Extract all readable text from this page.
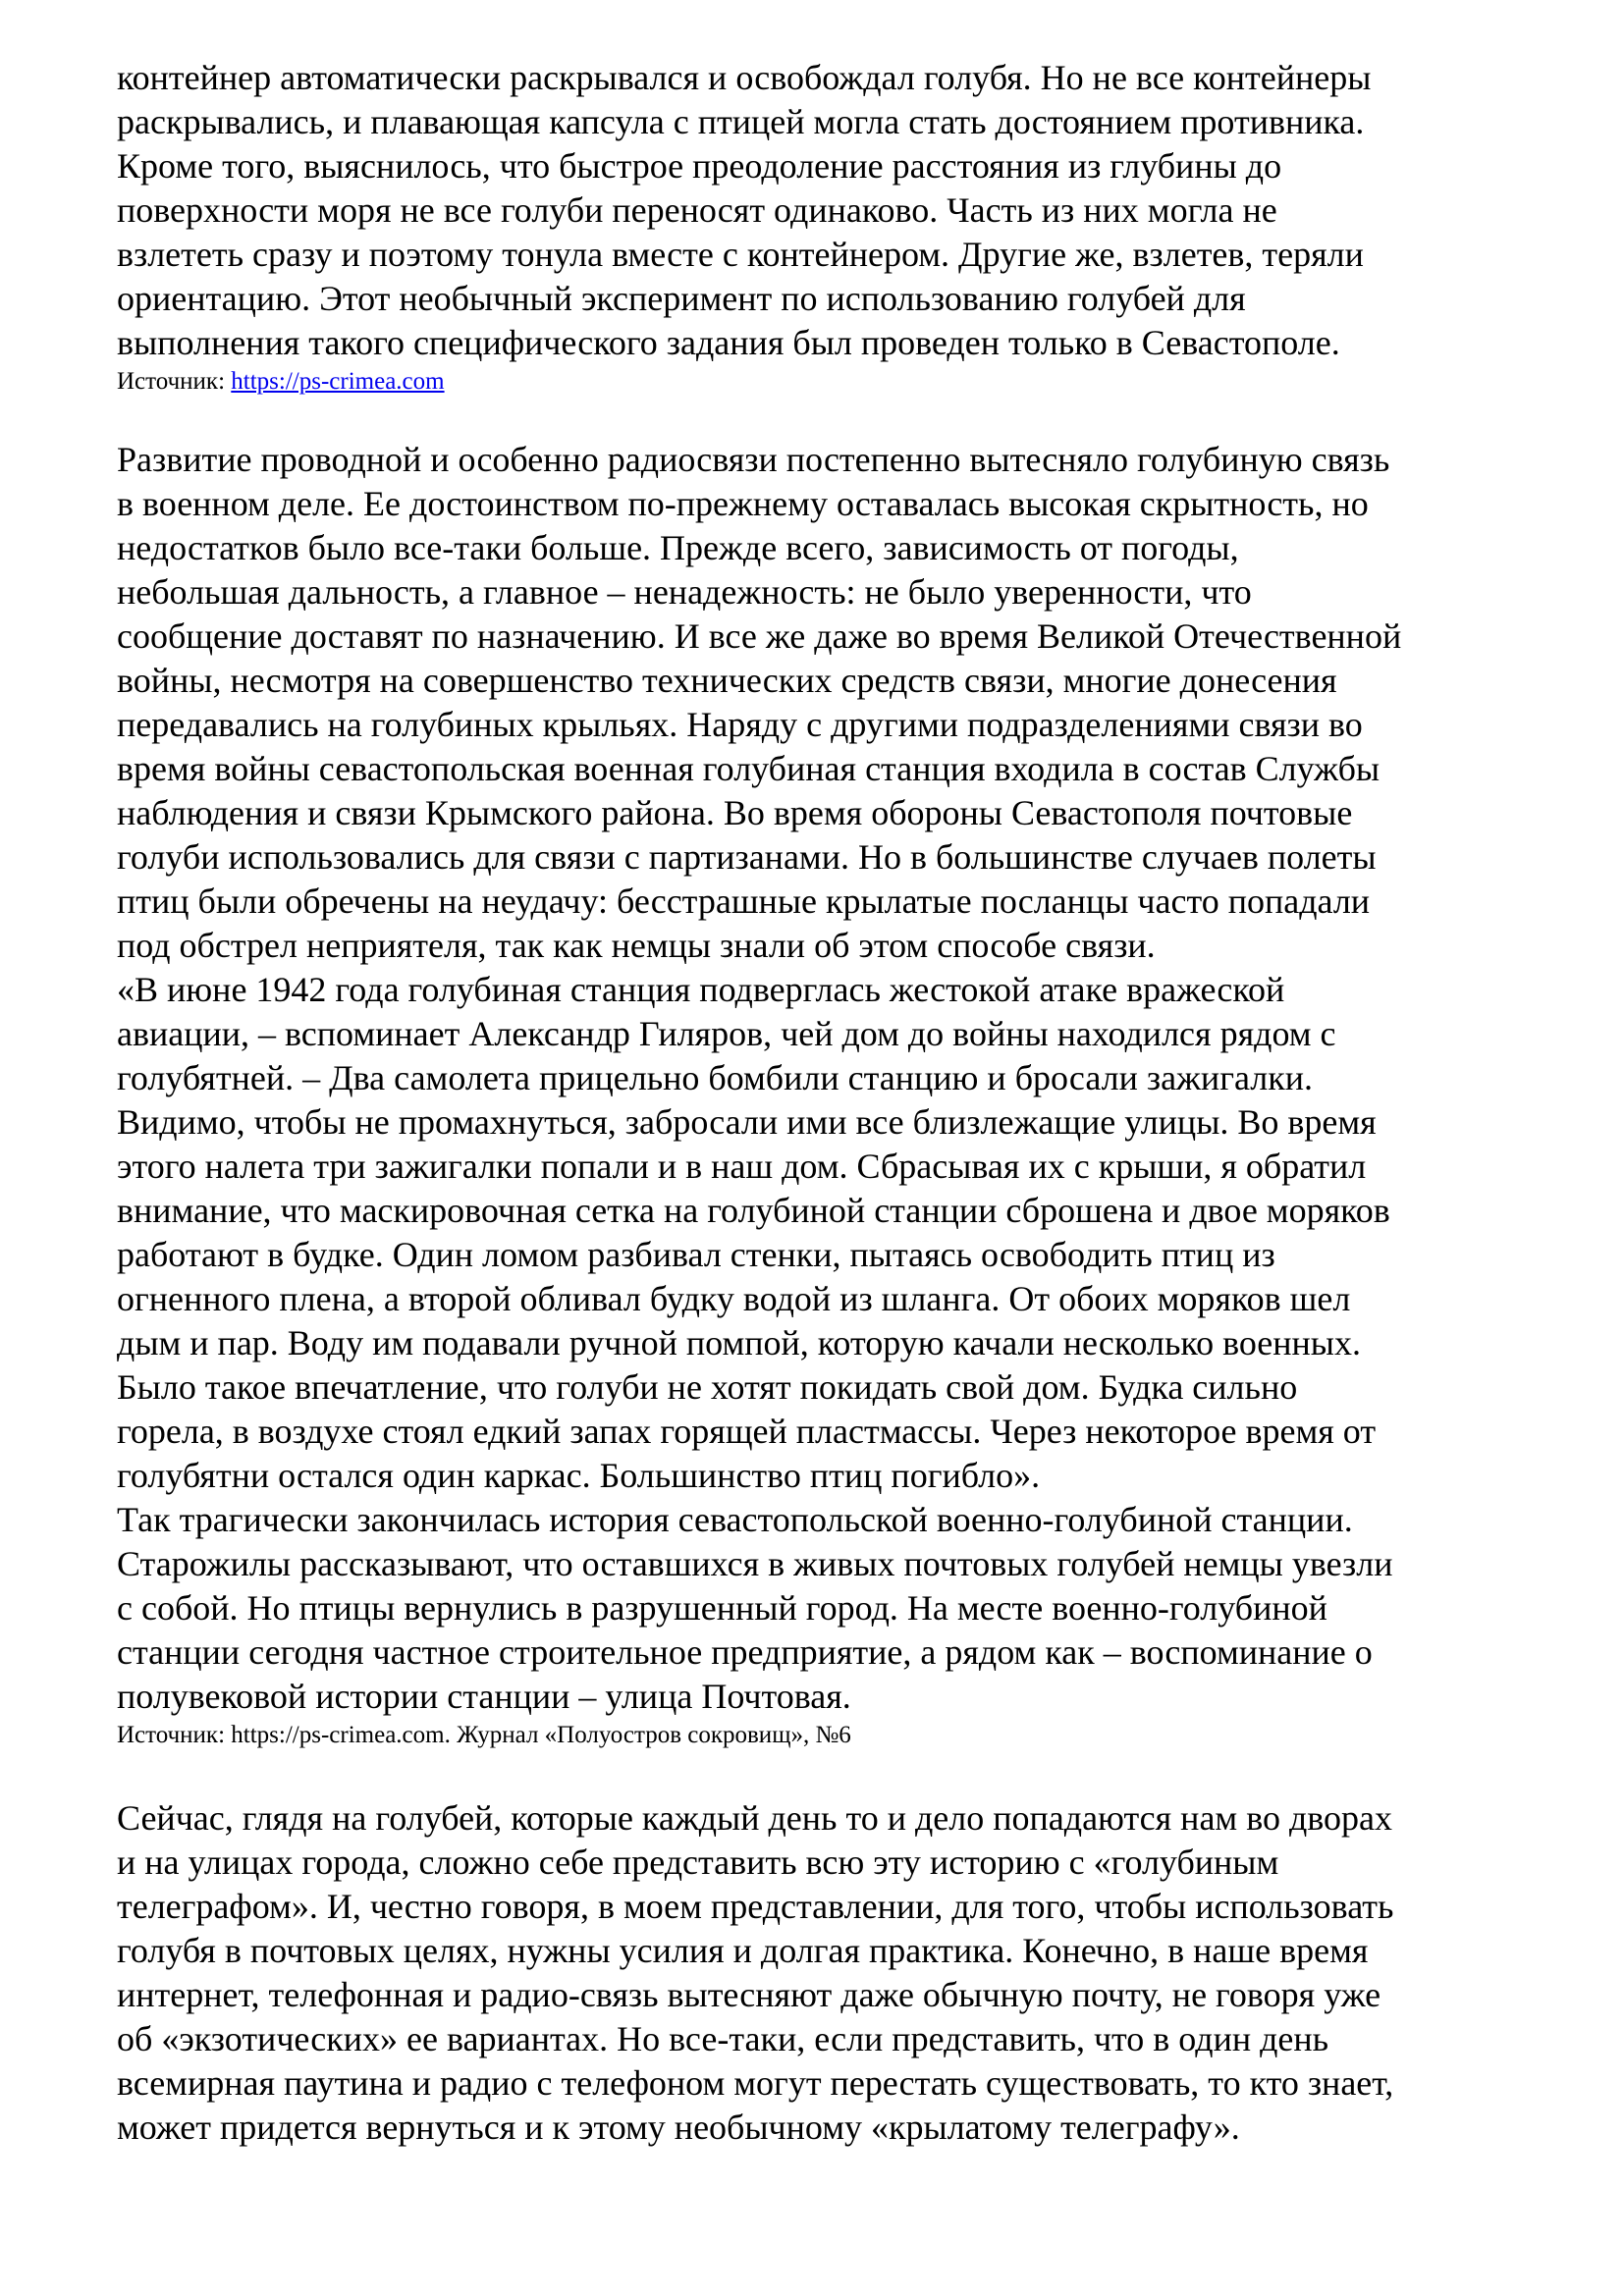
контейнер автоматически раскрывался и освобождал голубя. Но не все контейнеры
раскрывались, и плавающая капсула с птицей могла стать достоянием противника.
Кроме того, выяснилось, что быстрое преодоление расстояния из глубины до
поверхности моря не все голуби переносят одинаково. Часть из них могла не
взлететь сразу и поэтому тонула вместе с контейнером. Другие же, взлетев, теряли
ориентацию. Этот необычный эксперимент по использованию голубей для
выполнения такого специфического задания был проведен только в Севастополе.
Источник: https://ps-crimea.com
Развитие проводной и особенно радиосвязи постепенно вытесняло голубиную связь
в военном деле. Ее достоинством по-прежнему оставалась высокая скрытность, но
недостатков было все-таки больше. Прежде всего, зависимость от погоды,
небольшая дальность, а главное – ненадежность: не было уверенности, что
сообщение доставят по назначению. И все же даже во время Великой Отечественной
войны, несмотря на совершенство технических средств связи, многие донесения
передавались на голубиных крыльях. Наряду с другими подразделениями связи во
время войны севастопольская военная голубиная станция входила в состав Службы
наблюдения и связи Крымского района. Во время обороны Севастополя почтовые
голуби использовались для связи с партизанами. Но в большинстве случаев полеты
птиц были обречены на неудачу: бесстрашные крылатые посланцы часто попадали
под обстрел неприятеля, так как немцы знали об этом способе связи.
«В июне 1942 года голубиная станция подверглась жестокой атаке вражеской
авиации, – вспоминает Александр Гиляров, чей дом до войны находился рядом с
голубятней. – Два самолета прицельно бомбили станцию и бросали зажигалки.
Видимо, чтобы не промахнуться, забросали ими все близлежащие улицы. Во время
этого налета три зажигалки попали и в наш дом. Сбрасывая их с крыши, я обратил
внимание, что маскировочная сетка на голубиной станции сброшена и двое моряков
работают в будке. Один ломом разбивал стенки, пытаясь освободить птиц из
огненного плена, а второй обливал будку водой из шланга. От обоих моряков шел
дым и пар. Воду им подавали ручной помпой, которую качали несколько военных.
Было такое впечатление, что голуби не хотят покидать свой дом. Будка сильно
горела, в воздухе стоял едкий запах горящей пластмассы. Через некоторое время от
голубятни остался один каркас. Большинство птиц погибло».
Так трагически закончилась история севастопольской военно-голубиной станции.
Старожилы рассказывают, что оставшихся в живых почтовых голубей немцы увезли
с собой. Но птицы вернулись в разрушенный город. На месте военно-голубиной
станции сегодня частное строительное предприятие, а рядом как – воспоминание о
полувековой истории станции – улица Почтовая.
Источник: https://ps-crimea.com. Журнал «Полуостров сокровищ», №6
Сейчас, глядя на голубей, которые каждый день то и дело попадаются нам во дворах
и на улицах города, сложно себе представить всю эту историю с «голубиным
телеграфом». И, честно говоря, в моем представлении, для того, чтобы использовать
голубя в почтовых целях, нужны усилия и долгая практика. Конечно, в наше время
интернет, телефонная и радио-связь вытесняют даже обычную почту, не говоря уже
об «экзотических» ее вариантах. Но все-таки, если представить, что в один день
всемирная паутина и радио с телефоном могут перестать существовать, то кто знает,
может придется вернуться и к этому необычному «крылатому телеграфу».
